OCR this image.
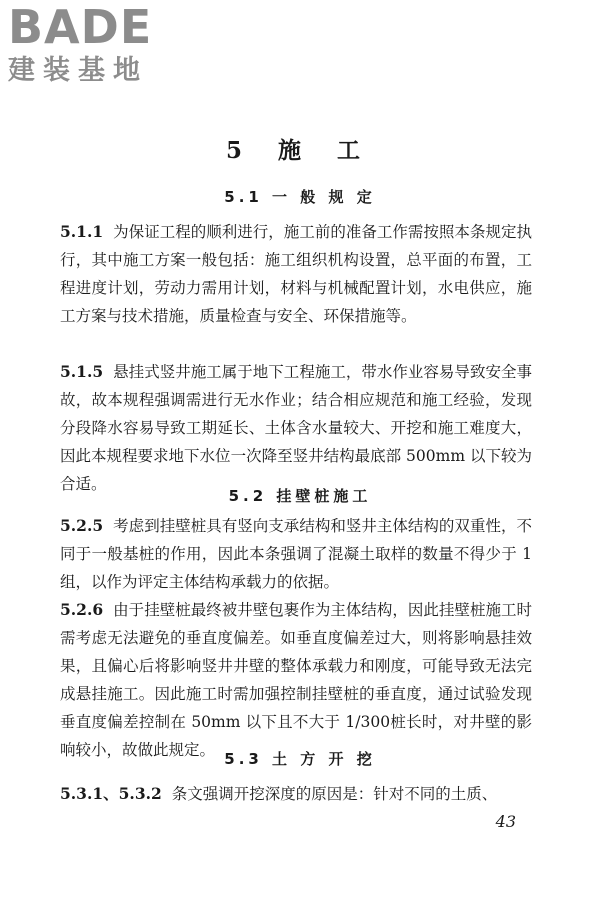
BADE
建装基地
5 施 工
5.1 一 般 规 定
5.1.1 为保证工程的顺利进行，施工前的准备工作需按照本条规定执行，其中施工方案一般包括：施工组织机构设置，总平面的布置，工程进度计划，劳动力需用计划，材料与机械配置计划，水电供应，施工方案与技术措施，质量检查与安全、环保措施等。
5.1.5 悬挂式竖井施工属于地下工程施工，带水作业容易导致安全事故，故本规程强调需进行无水作业；结合相应规范和施工经验，发现分段降水容易导致工期延长、土体含水量较大、开挖和施工难度大，因此本规程要求地下水位一次降至竖井结构最底部 500mm 以下较为合适。
5.2 挂壁桩施工
5.2.5 考虑到挂壁桩具有竖向支承结构和竖井主体结构的双重性，不同于一般基桩的作用，因此本条强调了混凝土取样的数量不得少于 1 组，以作为评定主体结构承载力的依据。
5.2.6 由于挂壁桩最终被井壁包裹作为主体结构，因此挂壁桩施工时需考虑无法避免的垂直度偏差。如垂直度偏差过大，则将影响悬挂效果，且偏心后将影响竖井井壁的整体承载力和刚度，可能导致无法完成悬挂施工。因此施工时需加强控制挂壁桩的垂直度，通过试验发现垂直度偏差控制在 50mm 以下且不大于 1/300桩长时，对井壁的影响较小，故做此规定。 5.3 土 方 开 挖
5.3.1、5.3.2 条文强调开挖深度的原因是：针对不同的土质、
43
